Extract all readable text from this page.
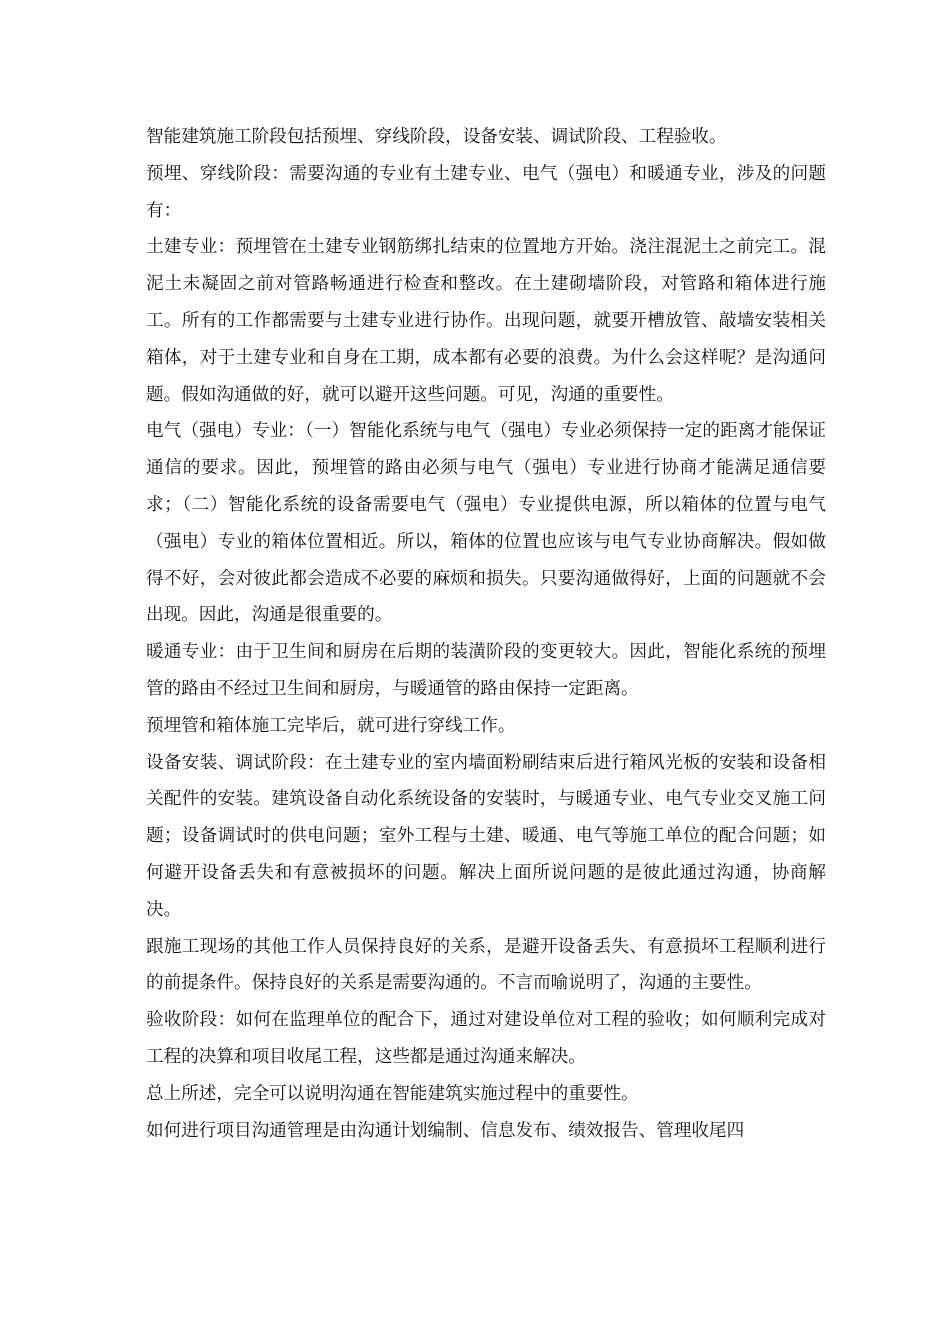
智能建筑施工阶段包括预埋、穿线阶段，设备安装、调试阶段、工程验收。

预埋、穿线阶段：需要沟通的专业有土建专业、电气（强电）和暖通专业，涉及的问题有：

土建专业：预埋管在土建专业钢筋绑扎结束的位置地方开始。浇注混泥土之前完工。混泥土未凝固之前对管路畅通进行检查和整改。在土建砌墙阶段，对管路和箱体进行施工。所有的工作都需要与土建专业进行协作。出现问题，就要开槽放管、敲墙安装相关箱体，对于土建专业和自身在工期，成本都有必要的浪费。为什么会这样呢？是沟通问题。假如沟通做的好，就可以避开这些问题。可见，沟通的重要性。

电气（强电）专业：（一）智能化系统与电气（强电）专业必须保持一定的距离才能保证通信的要求。因此，预埋管的路由必须与电气（强电）专业进行协商才能满足通信要求；（二）智能化系统的设备需要电气（强电）专业提供电源，所以箱体的位置与电气（强电）专业的箱体位置相近。所以，箱体的位置也应该与电气专业协商解决。假如做得不好，会对彼此都会造成不必要的麻烦和损失。只要沟通做得好，上面的问题就不会出现。因此，沟通是很重要的。

暖通专业：由于卫生间和厨房在后期的装潢阶段的变更较大。因此，智能化系统的预埋管的路由不经过卫生间和厨房，与暖通管的路由保持一定距离。

预埋管和箱体施工完毕后，就可进行穿线工作。

设备安装、调试阶段：在土建专业的室内墙面粉刷结束后进行箱风光板的安装和设备相关配件的安装。建筑设备自动化系统设备的安装时，与暖通专业、电气专业交叉施工问题；设备调试时的供电问题；室外工程与土建、暖通、电气等施工单位的配合问题；如何避开设备丢失和有意被损坏的问题。解决上面所说问题的是彼此通过沟通，协商解决。

跟施工现场的其他工作人员保持良好的关系，是避开设备丢失、有意损坏工程顺利进行的前提条件。保持良好的关系是需要沟通的。不言而喻说明了，沟通的主要性。

验收阶段：如何在监理单位的配合下，通过对建设单位对工程的验收；如何顺利完成对工程的决算和项目收尾工程，这些都是通过沟通来解决。

总上所述，完全可以说明沟通在智能建筑实施过程中的重要性。

如何进行项目沟通管理是由沟通计划编制、信息发布、绩效报告、管理收尾四
